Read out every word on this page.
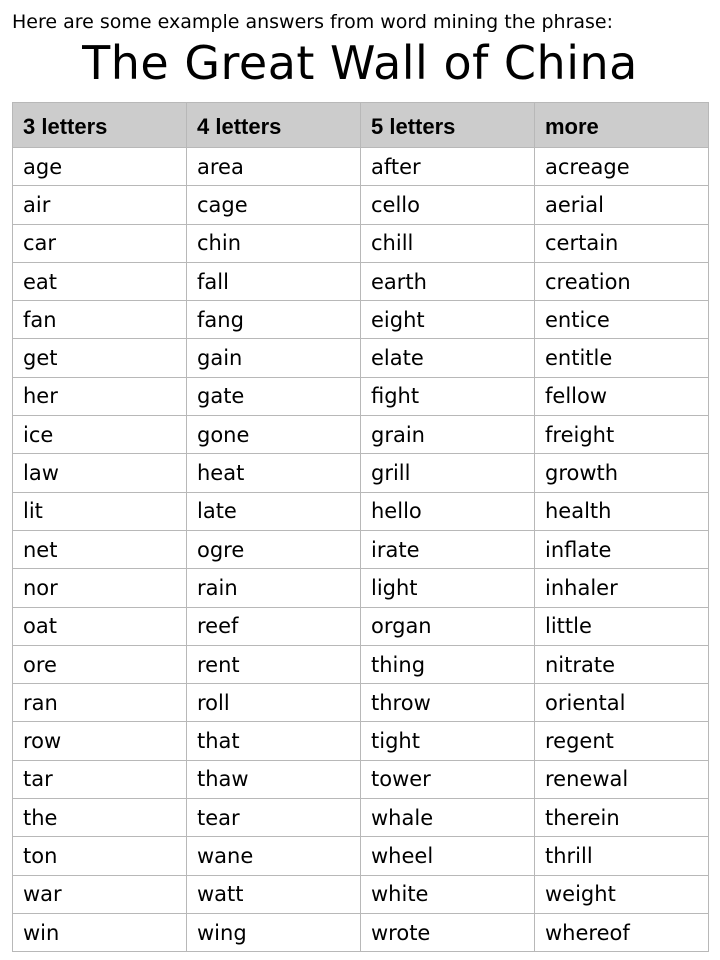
Here are some example answers from word mining the phrase:
The Great Wall of China
3 letters	4 letters	5 letters	more
age	area	after	acreage
air	cage	cello	aerial
car	chin	chill	certain
eat	fall	earth	creation
fan	fang	eight	entice
get	gain	elate	entitle
her	gate	fight	fellow
ice	gone	grain	freight
law	heat	grill	growth
lit	late	hello	health
net	ogre	irate	inflate
nor	rain	light	inhaler
oat	reef	organ	little
ore	rent	thing	nitrate
ran	roll	throw	oriental
row	that	tight	regent
tar	thaw	tower	renewal
the	tear	whale	therein
ton	wane	wheel	thrill
war	watt	white	weight
win	wing	wrote	whereof
